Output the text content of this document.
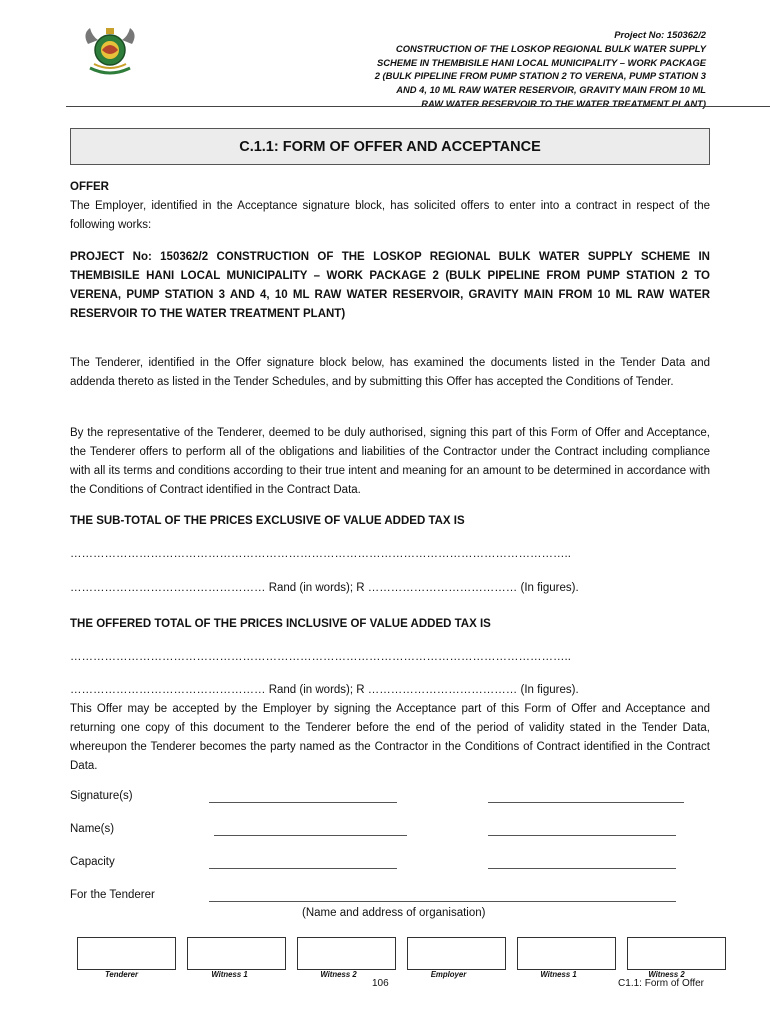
Project No: 150362/2
CONSTRUCTION OF THE LOSKOP REGIONAL BULK WATER SUPPLY
SCHEME IN THEMBISILE HANI LOCAL MUNICIPALITY – WORK PACKAGE
2 (BULK PIPELINE FROM PUMP STATION 2 TO VERENA, PUMP STATION 3
AND 4, 10 ML RAW WATER RESERVOIR, GRAVITY MAIN FROM 10 ML
RAW WATER RESERVOIR TO THE WATER TREATMENT PLANT)
C.1.1: FORM OF OFFER AND ACCEPTANCE
OFFER
The Employer, identified in the Acceptance signature block, has solicited offers to enter into a contract in respect of the following works:
PROJECT No: 150362/2 CONSTRUCTION OF THE LOSKOP REGIONAL BULK WATER SUPPLY SCHEME IN THEMBISILE HANI LOCAL MUNICIPALITY – WORK PACKAGE 2 (BULK PIPELINE FROM PUMP STATION 2 TO VERENA, PUMP STATION 3 AND 4, 10 ML RAW WATER RESERVOIR, GRAVITY MAIN FROM 10 ML RAW WATER RESERVOIR TO THE WATER TREATMENT PLANT)
The Tenderer, identified in the Offer signature block below, has examined the documents listed in the Tender Data and addenda thereto as listed in the Tender Schedules, and by submitting this Offer has accepted the Conditions of Tender.
By the representative of the Tenderer, deemed to be duly authorised, signing this part of this Form of Offer and Acceptance, the Tenderer offers to perform all of the obligations and liabilities of the Contractor under the Contract including compliance with all its terms and conditions according to their true intent and meaning for an amount to be determined in accordance with the Conditions of Contract identified in the Contract Data.
THE SUB-TOTAL OF THE PRICES EXCLUSIVE OF VALUE ADDED TAX IS
…………………………………………………………………………………………………………………..
…………………………………………… Rand (in words); R ………………………………… (In figures).
THE OFFERED TOTAL OF THE PRICES INCLUSIVE OF VALUE ADDED TAX IS
…………………………………………………………………………………………………………………..
…………………………………………… Rand (in words); R ………………………………… (In figures).
This Offer may be accepted by the Employer by signing the Acceptance part of this Form of Offer and Acceptance and returning one copy of this document to the Tenderer before the end of the period of validity stated in the Tender Data, whereupon the Tenderer becomes the party named as the Contractor in the Conditions of Contract identified in the Contract Data.
Signature(s)
Name(s)
Capacity
For the Tenderer
(Name and address of organisation)
Tenderer	Witness 1	Witness 2	Employer	Witness 1	Witness 2
106	C1.1: Form of Offer
